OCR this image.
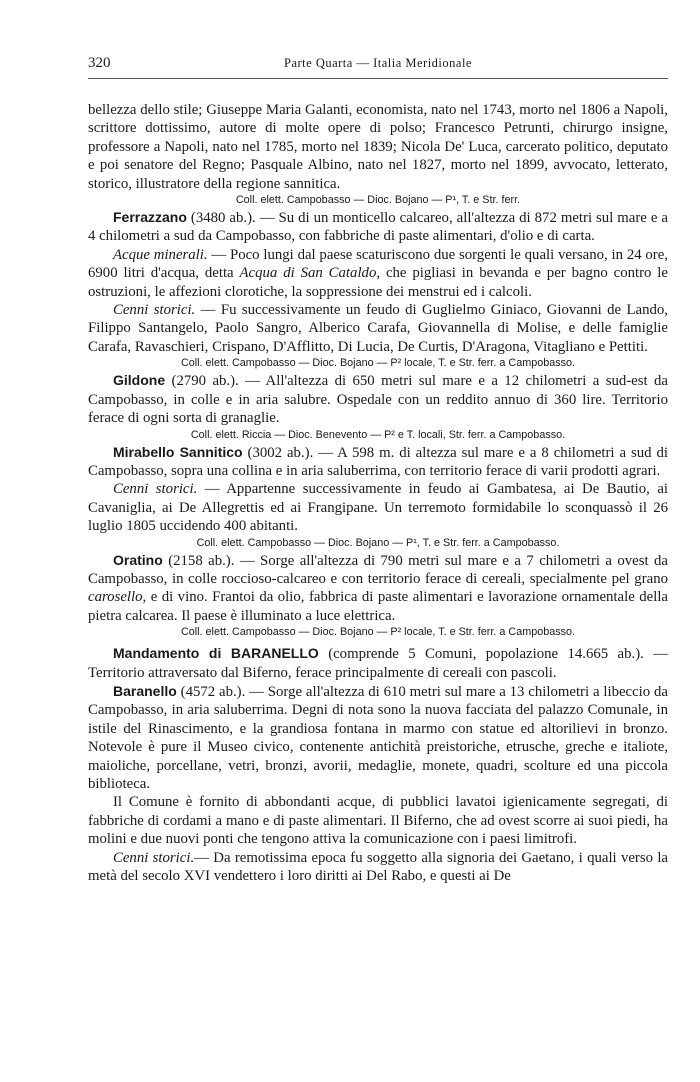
320	Parte Quarta — Italia Meridionale

bellezza dello stile; Giuseppe Maria Galanti, economista, nato nel 1743, morto nel 1806 a Napoli, scrittore dottissimo, autore di molte opere di polso; Francesco Petrunti, chirurgo insigne, professore a Napoli, nato nel 1785, morto nel 1839; Nicola De' Luca, carcerato politico, deputato e poi senatore del Regno; Pasquale Albino, nato nel 1827, morto nel 1899, avvocato, letterato, storico, illustratore della regione sannitica.

Coll. elett. Campobasso — Dioc. Bojano — P¹, T. e Str. ferr.

Ferrazzano (3480 ab.). — Su di un monticello calcareo, all'altezza di 872 metri sul mare e a 4 chilometri a sud da Campobasso, con fabbriche di paste alimentari, d'olio e di carta.

Acque minerali. — Poco lungi dal paese scaturiscono due sorgenti le quali versano, in 24 ore, 6900 litri d'acqua, detta Acqua di San Cataldo, che pigliasi in bevanda e per bagno contro le ostruzioni, le affezioni clorotiche, la soppressione dei menstrui ed i calcoli.

Cenni storici. — Fu successivamente un feudo di Guglielmo Giniaco, Giovanni de Lando, Filippo Santangelo, Paolo Sangro, Alberico Carafa, Giovannella di Molise, e delle famiglie Carafa, Ravaschieri, Crispano, D'Afflitto, Di Lucia, De Curtis, D'Aragona, Vitagliano e Pettiti.

Coll. elett. Campobasso — Dioc. Bojano — P² locale, T. e Str. ferr. a Campobasso.

Gildone (2790 ab.). — All'altezza di 650 metri sul mare e a 12 chilometri a sud-est da Campobasso, in colle e in aria salubre. Ospedale con un reddito annuo di 360 lire. Territorio ferace di ogni sorta di granaglie.

Coll. elett. Riccia — Dioc. Benevento — P² e T. locali, Str. ferr. a Campobasso.

Mirabello Sannitico (3002 ab.). — A 598 m. di altezza sul mare e a 8 chilometri a sud di Campobasso, sopra una collina e in aria saluberrima, con territorio ferace di varii prodotti agrari.

Cenni storici. — Appartenne successivamente in feudo ai Gambatesa, ai De Bautio, ai Cavaniglia, ai De Allegrettis ed ai Frangipane. Un terremoto formidabile lo sconquassò il 26 luglio 1805 uccidendo 400 abitanti.

Coll. elett. Campobasso — Dioc. Bojano — P¹, T. e Str. ferr. a Campobasso.

Oratino (2158 ab.). — Sorge all'altezza di 790 metri sul mare e a 7 chilometri a ovest da Campobasso, in colle roccioso-calcareo e con territorio ferace di cereali, specialmente pel grano carosello, e di vino. Frantoi da olio, fabbrica di paste alimentari e lavorazione ornamentale della pietra calcarea. Il paese è illuminato a luce elettrica.

Coll. elett. Campobasso — Dioc. Bojano — P² locale, T. e Str. ferr. a Campobasso.

Mandamento di BARANELLO (comprende 5 Comuni, popolazione 14.665 ab.). — Territorio attraversato dal Biferno, ferace principalmente di cereali con pascoli.

Baranello (4572 ab.). — Sorge all'altezza di 610 metri sul mare a 13 chilometri a libeccio da Campobasso, in aria saluberrima. Degni di nota sono la nuova facciata del palazzo Comunale, in istile del Rinascimento, e la grandiosa fontana in marmo con statue ed altorilievi in bronzo. Notevole è pure il Museo civico, contenente antichità preistoriche, etrusche, greche e italiote, maioliche, porcellane, vetri, bronzi, avorii, medaglie, monete, quadri, scolture ed una piccola biblioteca.

Il Comune è fornito di abbondanti acque, di pubblici lavatoi igienicamente segregati, di fabbriche di cordami a mano e di paste alimentari. Il Biferno, che ad ovest scorre ai suoi piedi, ha molini e due nuovi ponti che tengono attiva la comunicazione con i paesi limitrofi.

Cenni storici.— Da remotissima epoca fu soggetto alla signoria dei Gaetano, i quali verso la metà del secolo XVI vendettero i loro diritti ai Del Rabo, e questi ai De
